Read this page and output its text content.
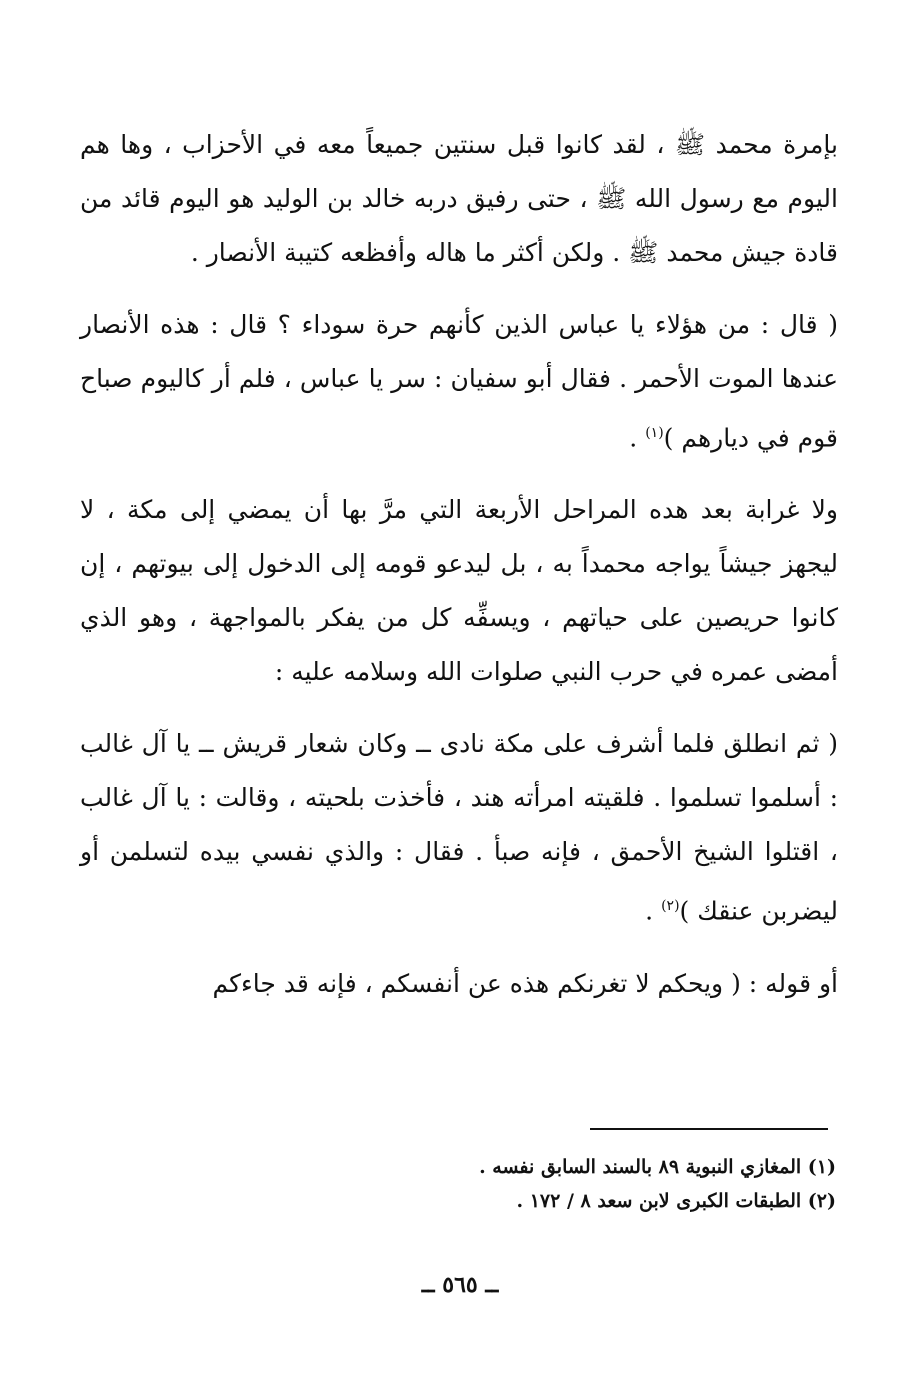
بإمرة محمد ﷺ ، لقد كانوا قبل سنتين جميعاً معه في الأحزاب ، وها هم اليوم مع رسول الله ﷺ ، حتى رفيق دربه خالد بن الوليد هو اليوم قائد من قادة جيش محمد ﷺ . ولكن أكثر ما هاله وأفظعه كتيبة الأنصار .

( قال : من هؤلاء يا عباس الذين كأنهم حرة سوداء ؟ قال : هذه الأنصار عندها الموت الأحمر . فقال أبو سفيان : سر يا عباس ، فلم أر كاليوم صباح قوم في ديارهم )$^{(١)}$ .

ولا غرابة بعد هده المراحل الأربعة التي مرَّ بها أن يمضي إلى مكة ، لا ليجهز جيشاً يواجه محمداً به ، بل ليدعو قومه إلى الدخول إلى بيوتهم ، إن كانوا حريصين على حياتهم ، ويسفِّه كل من يفكر بالمواجهة ، وهو الذي أمضى عمره في حرب النبي صلوات الله وسلامه عليه :

( ثم انطلق فلما أشرف على مكة نادى ــ وكان شعار قريش ــ يا آل غالب : أسلموا تسلموا . فلقيته امرأته هند ، فأخذت بلحيته ، وقالت : يا آل غالب ، اقتلوا الشيخ الأحمق ، فإنه صبأ . فقال : والذي نفسي بيده لتسلمن أو ليضربن عنقك )$^{(٢)}$ .

أو قوله : ( ويحكم لا تغرنكم هذه عن أنفسكم ، فإنه قد جاءكم

(١) المغازي النبوية ٨٩ بالسند السابق نفسه .

(٢) الطبقات الكبرى لابن سعد ٨ / ١٧٢ .

ــ ٥٦٥ ــ
